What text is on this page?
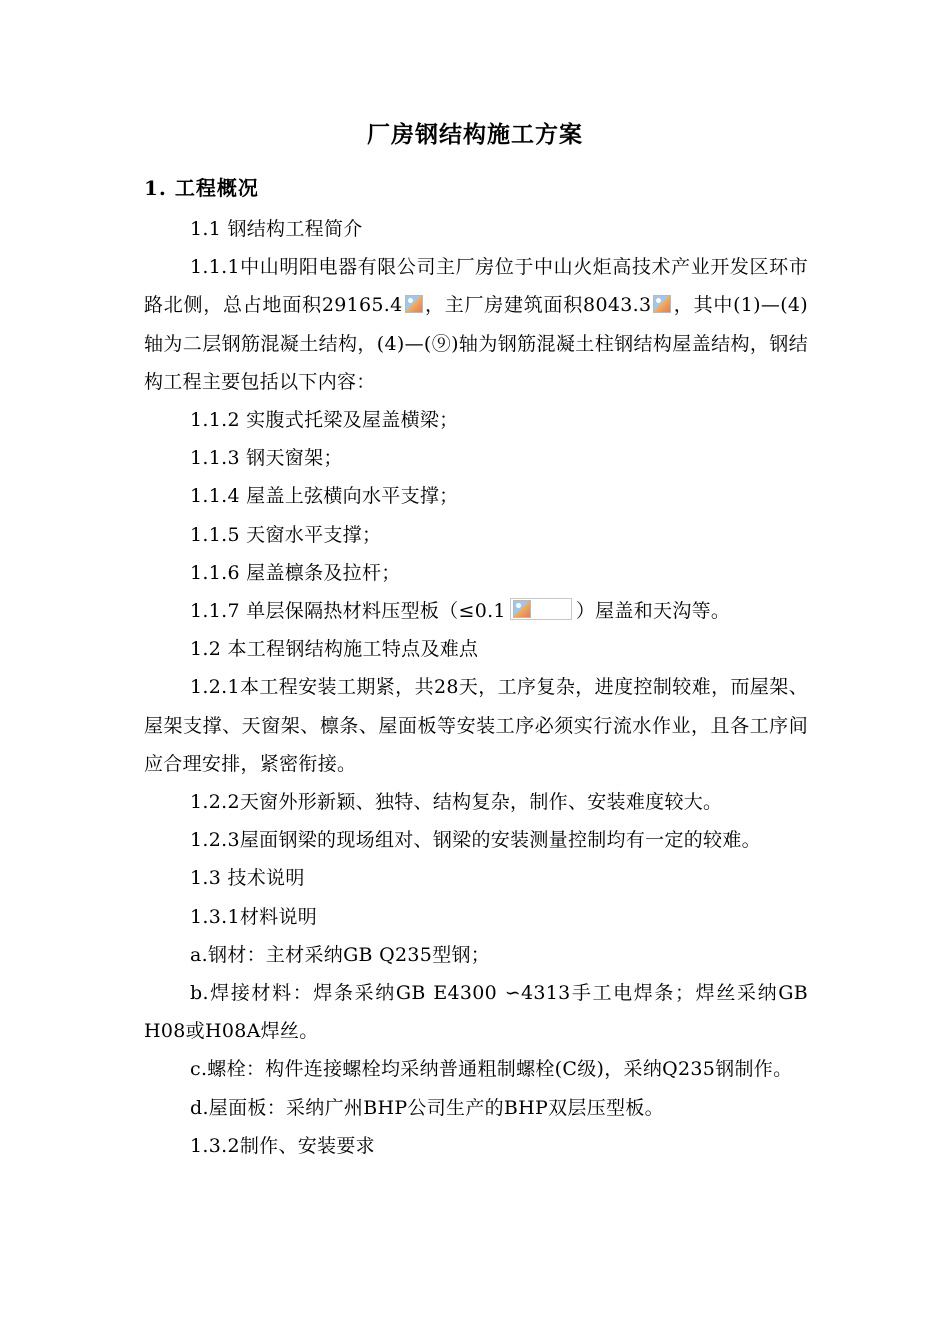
厂房钢结构施工方案
1. 工程概况

1.1 钢结构工程简介

1.1.1中山明阳电器有限公司主厂房位于中山火炬高技术产业开发区环市路北侧，总占地面积29165.4 ，主厂房建筑面积8043.3 ，其中(1)—(4)轴为二层钢筋混凝土结构，(4)—(⑨)轴为钢筋混凝土柱钢结构屋盖结构，钢结构工程主要包括以下内容：

1.1.2 实腹式托梁及屋盖横梁；

1.1.3 钢天窗架；

1.1.4 屋盖上弦横向水平支撑；

1.1.5 天窗水平支撑；

1.1.6 屋盖檩条及拉杆；

1.1.7 单层保隔热材料压型板（≤0.1	）屋盖和天沟等。

1.2 本工程钢结构施工特点及难点

1.2.1本工程安装工期紧，共28天，工序复杂，进度控制较难，而屋架、屋架支撑、天窗架、檩条、屋面板等安装工序必须实行流水作业，且各工序间应合理安排，紧密衔接。

1.2.2天窗外形新颖、独特、结构复杂，制作、安装难度较大。

1.2.3屋面钢梁的现场组对、钢梁的安装测量控制均有一定的较难。

1.3 技术说明

1.3.1材料说明

a.钢材：主材采纳GB Q235型钢；

b.焊接材料：焊条采纳GB E4300 ∽4313手工电焊条；焊丝采纳GB H08或H08A焊丝。

c.螺栓：构件连接螺栓均采纳普通粗制螺栓(C级)，采纳Q235钢制作。

d.屋面板：采纳广州BHP公司生产的BHP双层压型板。

1.3.2制作、安装要求
